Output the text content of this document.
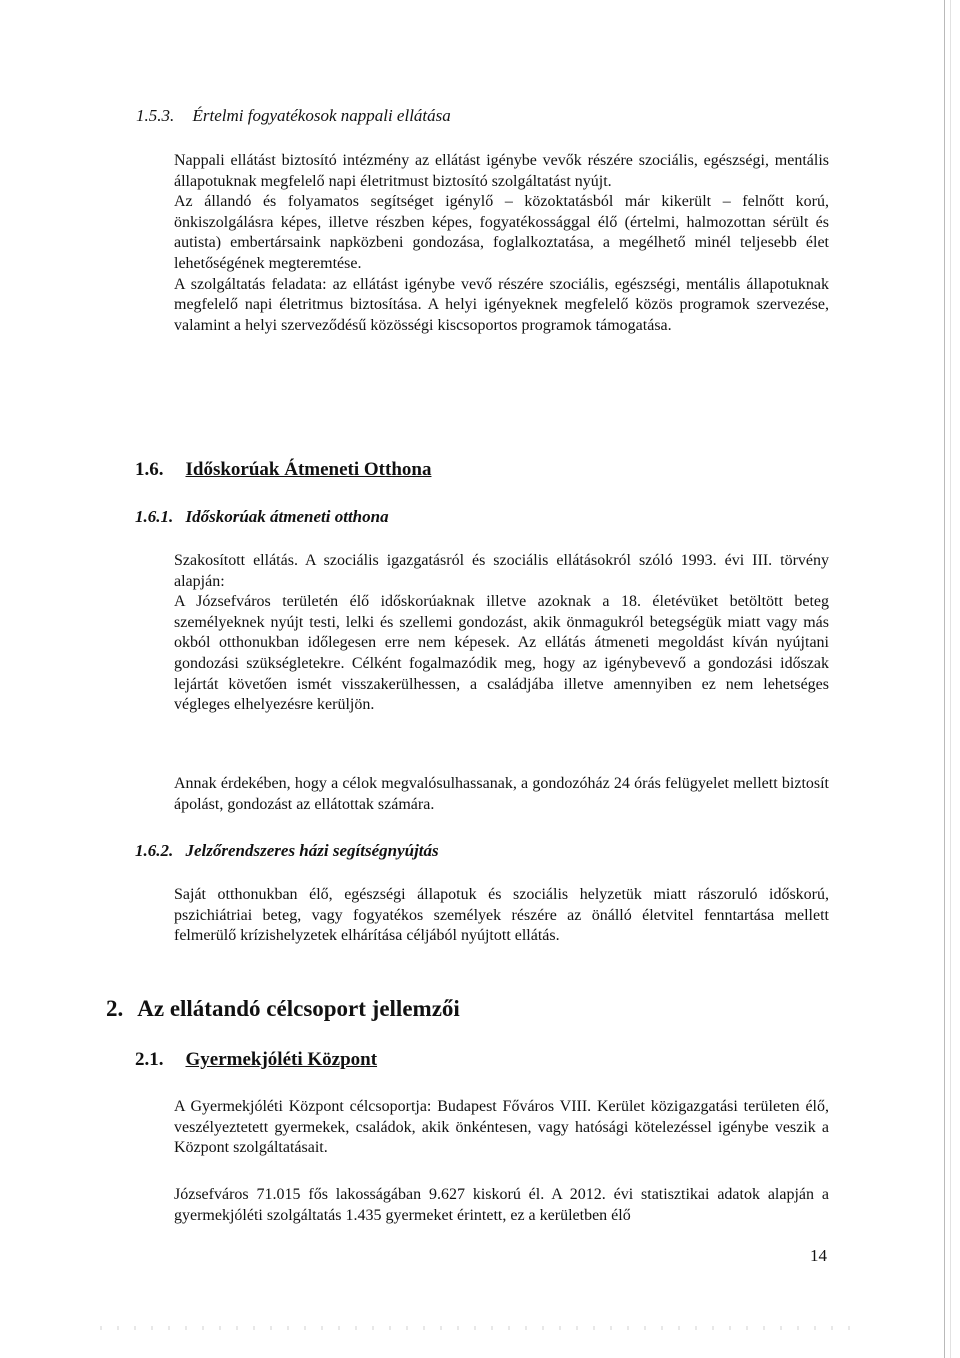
1.5.3. Értelmi fogyatékosok nappali ellátása

Nappali ellátást biztosító intézmény az ellátást igénybe vevők részére szociális, egészségi, mentális állapotuknak megfelelő napi életritmust biztosító szolgáltatást nyújt.

Az állandó és folyamatos segítséget igénylő – közoktatásból már kikerült – felnőtt korú, önkiszolgálásra képes, illetve részben képes, fogyatékossággal élő (értelmi, halmozottan sérült és autista) embertársaink napközbeni gondozása, foglalkoztatása, a megélhető minél teljesebb élet lehetőségének megteremtése.

A szolgáltatás feladata: az ellátást igénybe vevő részére szociális, egészségi, mentális állapotuknak megfelelő napi életritmus biztosítása. A helyi igényeknek megfelelő közös programok szervezése, valamint a helyi szerveződésű közösségi kiscsoportos programok támogatása.

1.6. Időskorúak Átmeneti Otthona
1.6.1. Időskorúak átmeneti otthona

Szakosított ellátás. A szociális igazgatásról és szociális ellátásokról szóló 1993. évi III. törvény alapján:

A Józsefváros területén élő időskorúaknak illetve azoknak a 18. életévüket betöltött beteg személyeknek nyújt testi, lelki és szellemi gondozást, akik önmagukról betegségük miatt vagy más okból otthonukban időlegesen erre nem képesek. Az ellátás átmeneti megoldást kíván nyújtani gondozási szükségletekre. Célként fogalmazódik meg, hogy az igénybevevő a gondozási időszak lejártát követően ismét visszakerülhessen, a családjába illetve amennyiben ez nem lehetséges végleges elhelyezésre kerüljön.

Annak érdekében, hogy a célok megvalósulhassanak, a gondozóház 24 órás felügyelet mellett biztosít ápolást, gondozást az ellátottak számára.

1.6.2. Jelzőrendszeres házi segítségnyújtás

Saját otthonukban élő, egészségi állapotuk és szociális helyzetük miatt rászoruló időskorú, pszichiátriai beteg, vagy fogyatékos személyek részére az önálló életvitel fenntartása mellett felmerülő krízishelyzetek elhárítása céljából nyújtott ellátás.

2. Az ellátandó célcsoport jellemzői
2.1. Gyermekjóléti Központ

A Gyermekjóléti Központ célcsoportja: Budapest Főváros VIII. Kerület közigazgatási területen élő, veszélyeztetett gyermekek, családok, akik önkéntesen, vagy hatósági kötelezéssel igénybe veszik a Központ szolgáltatásait.

Józsefváros 71.015 fős lakosságában 9.627 kiskorú él. A 2012. évi statisztikai adatok alapján a gyermekjóléti szolgáltatás 1.435 gyermeket érintett, ez a kerületben élő

14
